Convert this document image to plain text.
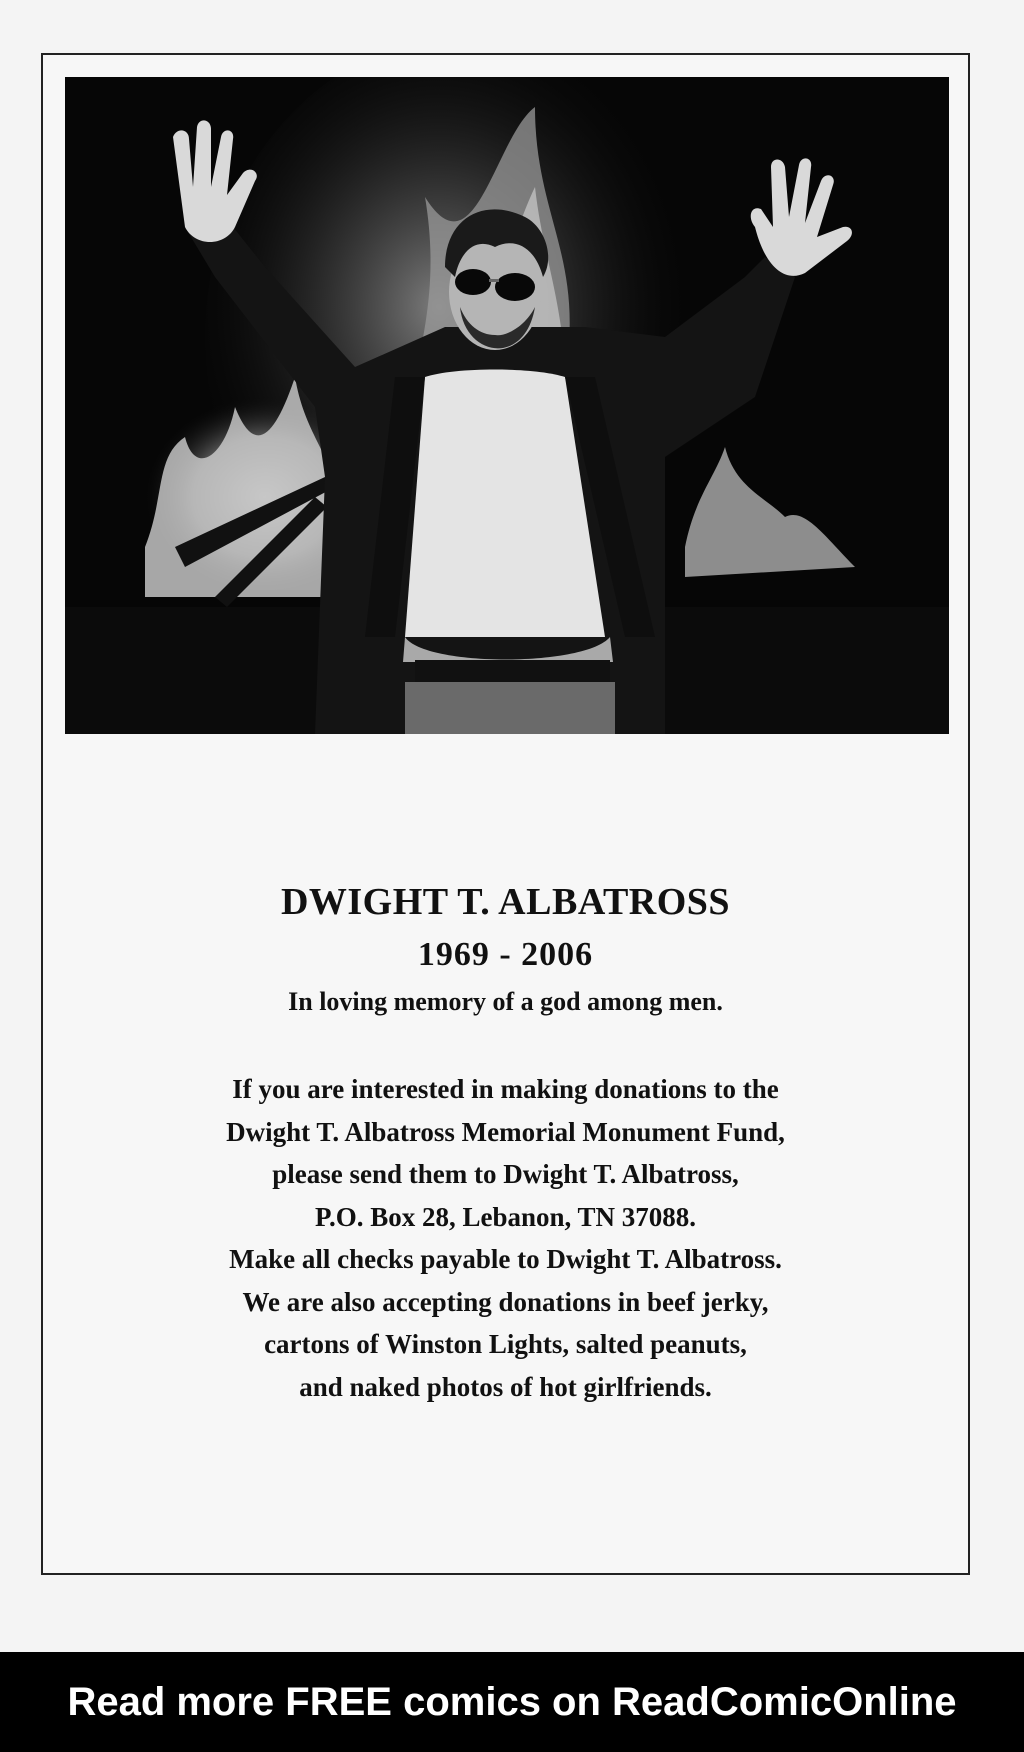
DWIGHT T. ALBATROSS
1969 - 2006
In loving memory of a god among men.
If you are interested in making donations to the
Dwight T. Albatross Memorial Monument Fund,
please send them to Dwight T. Albatross,
P.O. Box 28, Lebanon, TN 37088.
Make all checks payable to Dwight T. Albatross.
We are also accepting donations in beef jerky,
cartons of Winston Lights, salted peanuts,
and naked photos of hot girlfriends.
Read more FREE comics on ReadComicOnline
